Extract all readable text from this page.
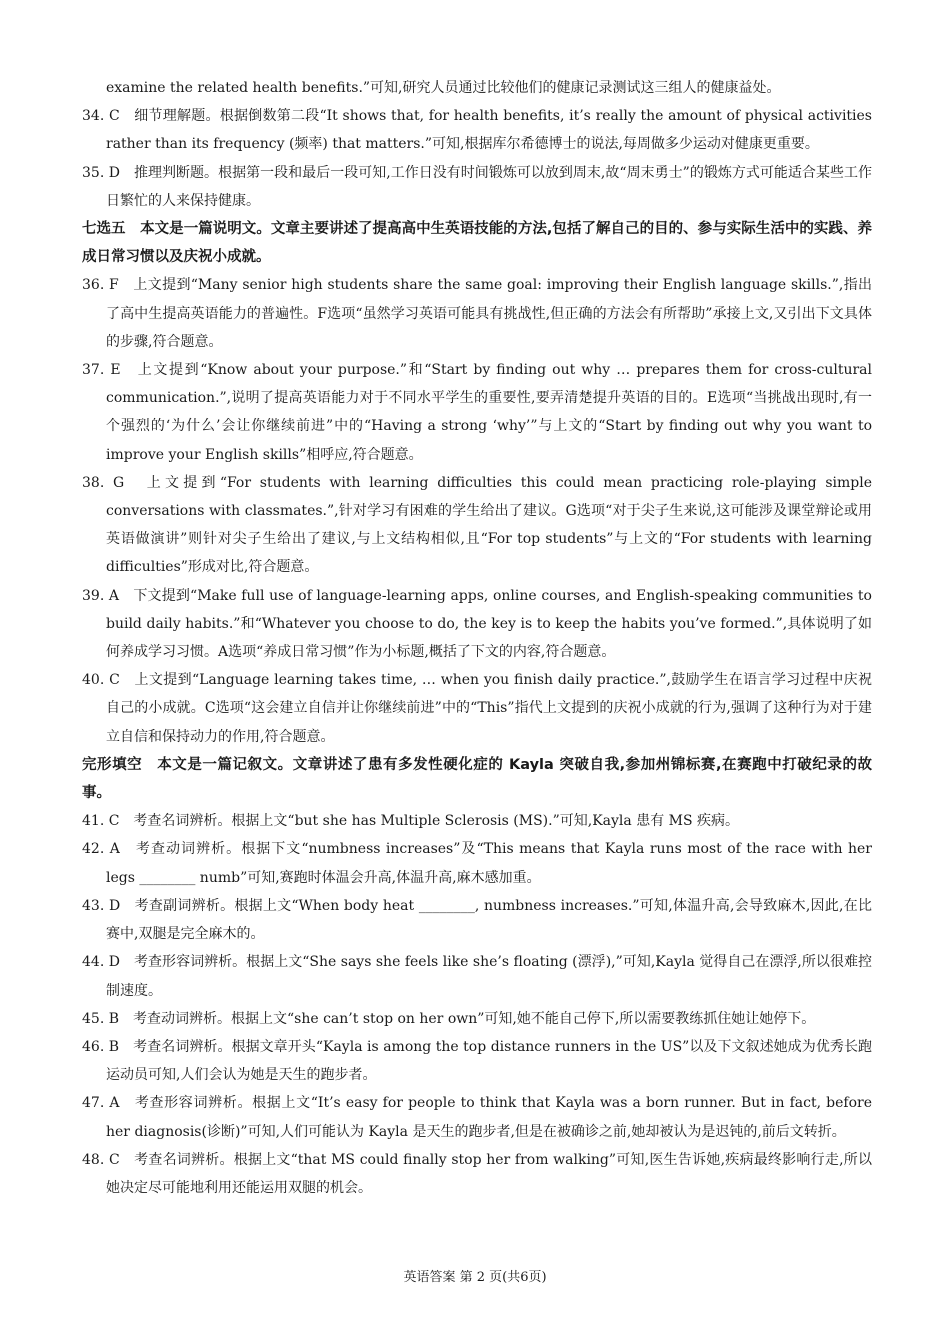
examine the related health benefits.”可知,研究人员通过比较他们的健康记录测试这三组人的健康益处。

34. C　细节理解题。根据倒数第二段“It shows that, for health benefits, it’s really the amount of physical activities rather than its frequency (频率) that matters.”可知,根据库尔希德博士的说法,每周做多少运动对健康更重要。

35. D　推理判断题。根据第一段和最后一段可知,工作日没有时间锻炼可以放到周末,故“周末勇士”的锻炼方式可能适合某些工作日繁忙的人来保持健康。

七选五　本文是一篇说明文。文章主要讲述了提高高中生英语技能的方法,包括了解自己的目的、参与实际生活中的实践、养成日常习惯以及庆祝小成就。

36. F　上文提到“Many senior high students share the same goal: improving their English language skills.”,指出了高中生提高英语能力的普遍性。F选项“虽然学习英语可能具有挑战性,但正确的方法会有所帮助”承接上文,又引出下文具体的步骤,符合题意。

37. E　上文提到“Know about your purpose.”和“Start by finding out why … prepares them for cross-cultural communication.”,说明了提高英语能力对于不同水平学生的重要性,要弄清楚提升英语的目的。E选项“当挑战出现时,有一个强烈的‘为什么’会让你继续前进”中的“Having a strong ‘why’”与上文的“Start by finding out why you want to improve your English skills”相呼应,符合题意。

38. G　上文提到“For students with learning difficulties this could mean practicing role-playing simple conversations with classmates.”,针对学习有困难的学生给出了建议。G选项“对于尖子生来说,这可能涉及课堂辩论或用英语做演讲”则针对尖子生给出了建议,与上文结构相似,且“For top students”与上文的“For students with learning difficulties”形成对比,符合题意。

39. A　下文提到“Make full use of language-learning apps, online courses, and English-speaking communities to build daily habits.”和“Whatever you choose to do, the key is to keep the habits you’ve formed.”,具体说明了如何养成学习习惯。A选项“养成日常习惯”作为小标题,概括了下文的内容,符合题意。

40. C　上文提到“Language learning takes time, … when you finish daily practice.”,鼓励学生在语言学习过程中庆祝自己的小成就。C选项“这会建立自信并让你继续前进”中的“This”指代上文提到的庆祝小成就的行为,强调了这种行为对于建立自信和保持动力的作用,符合题意。

完形填空　本文是一篇记叙文。文章讲述了患有多发性硬化症的 Kayla 突破自我,参加州锦标赛,在赛跑中打破纪录的故事。

41. C　考查名词辨析。根据上文“but she has Multiple Sclerosis (MS).”可知,Kayla 患有 MS 疾病。

42. A　考查动词辨析。根据下文“numbness increases”及“This means that Kayla runs most of the race with her legs ________ numb”可知,赛跑时体温会升高,体温升高,麻木感加重。

43. D　考查副词辨析。根据上文“When body heat ________, numbness increases.”可知,体温升高,会导致麻木,因此,在比赛中,双腿是完全麻木的。

44. D　考查形容词辨析。根据上文“She says she feels like she’s floating (漂浮),”可知,Kayla 觉得自己在漂浮,所以很难控制速度。

45. B　考查动词辨析。根据上文“she can’t stop on her own”可知,她不能自己停下,所以需要教练抓住她让她停下。

46. B　考查名词辨析。根据文章开头“Kayla is among the top distance runners in the US”以及下文叙述她成为优秀长跑运动员可知,人们会认为她是天生的跑步者。

47. A　考查形容词辨析。根据上文“It’s easy for people to think that Kayla was a born runner. But in fact, before her diagnosis(诊断)”可知,人们可能认为 Kayla 是天生的跑步者,但是在被确诊之前,她却被认为是迟钝的,前后文转折。

48. C　考查名词辨析。根据上文“that MS could finally stop her from walking”可知,医生告诉她,疾病最终影响行走,所以她决定尽可能地利用还能运用双腿的机会。

英语答案 第 2 页(共6页)
